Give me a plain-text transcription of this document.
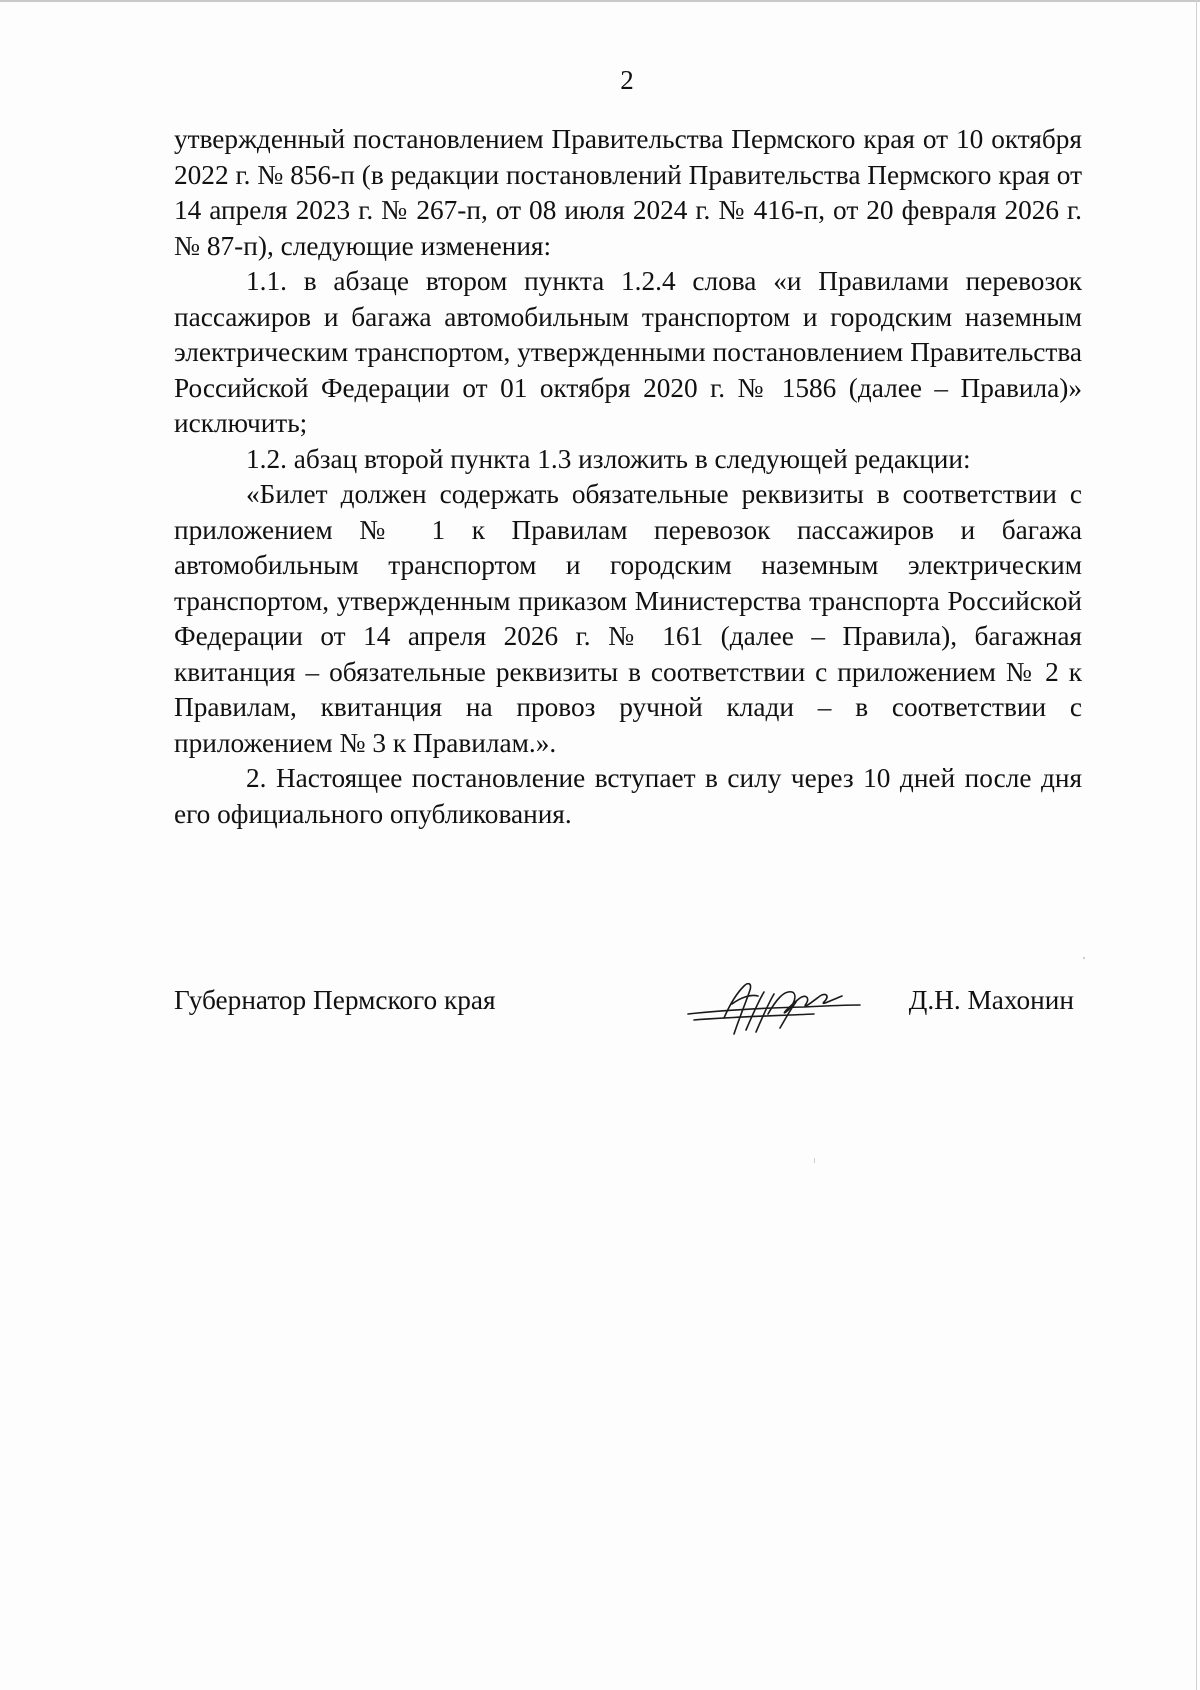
2

утвержденный постановлением Правительства Пермского края от 10 октября 2022 г. № 856-п (в редакции постановлений Правительства Пермского края от 14 апреля 2023 г. № 267-п, от 08 июля 2024 г. № 416-п, от 20 февраля 2026 г. № 87-п), следующие изменения:

1.1. в абзаце втором пункта 1.2.4 слова «и Правилами перевозок пассажиров и багажа автомобильным транспортом и городским наземным электрическим транспортом, утвержденными постановлением Правительства Российской Федерации от 01 октября 2020 г. № 1586 (далее – Правила)» исключить;

1.2. абзац второй пункта 1.3 изложить в следующей редакции:

«Билет должен содержать обязательные реквизиты в соответствии с приложением № 1 к Правилам перевозок пассажиров и багажа автомобильным транспортом и городским наземным электрическим транспортом, утвержденным приказом Министерства транспорта Российской Федерации от 14 апреля 2026 г. № 161 (далее – Правила), багажная квитанция – обязательные реквизиты в соответствии с приложением № 2 к Правилам, квитанция на провоз ручной клади – в соответствии с приложением № 3 к Правилам.».

2. Настоящее постановление вступает в силу через 10 дней после дня его официального опубликования.

Губернатор Пермского края	Д.Н. Махонин
